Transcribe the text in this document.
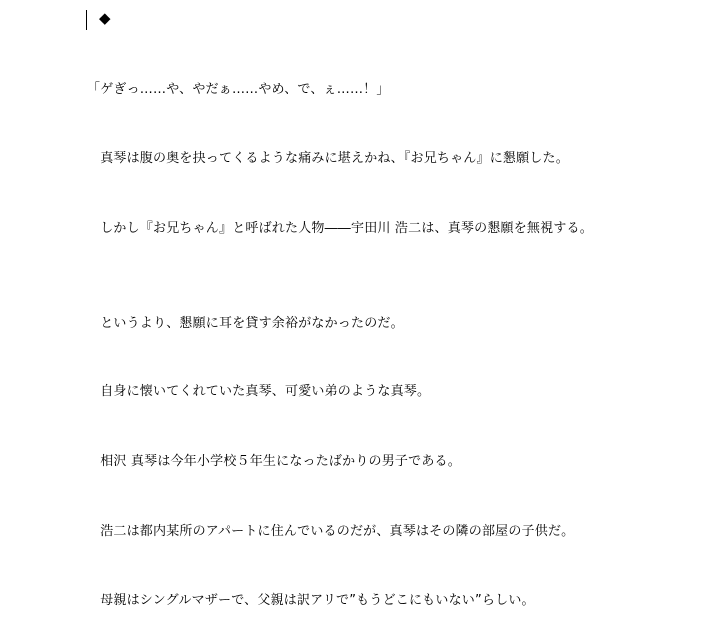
◆
「ゲぎっ……や、やだぁ……やめ、で、ぇ……！」
　真琴は腹の奥を抉ってくるような痛みに堪えかね、『お兄ちゃん』に懇願した。
　しかし『お兄ちゃん』と呼ばれた人物――宇田川 浩二は、真琴の懇願を無視する。
　というより、懇願に耳を貸す余裕がなかったのだ。
　自身に懐いてくれていた真琴、可愛い弟のような真琴。
　相沢 真琴は今年小学校５年生になったばかりの男子である。
　浩二は都内某所のアパートに住んでいるのだが、真琴はその隣の部屋の子供だ。
　母親はシングルマザーで、父親は訳アリで”もうどこにもいない”らしい。
